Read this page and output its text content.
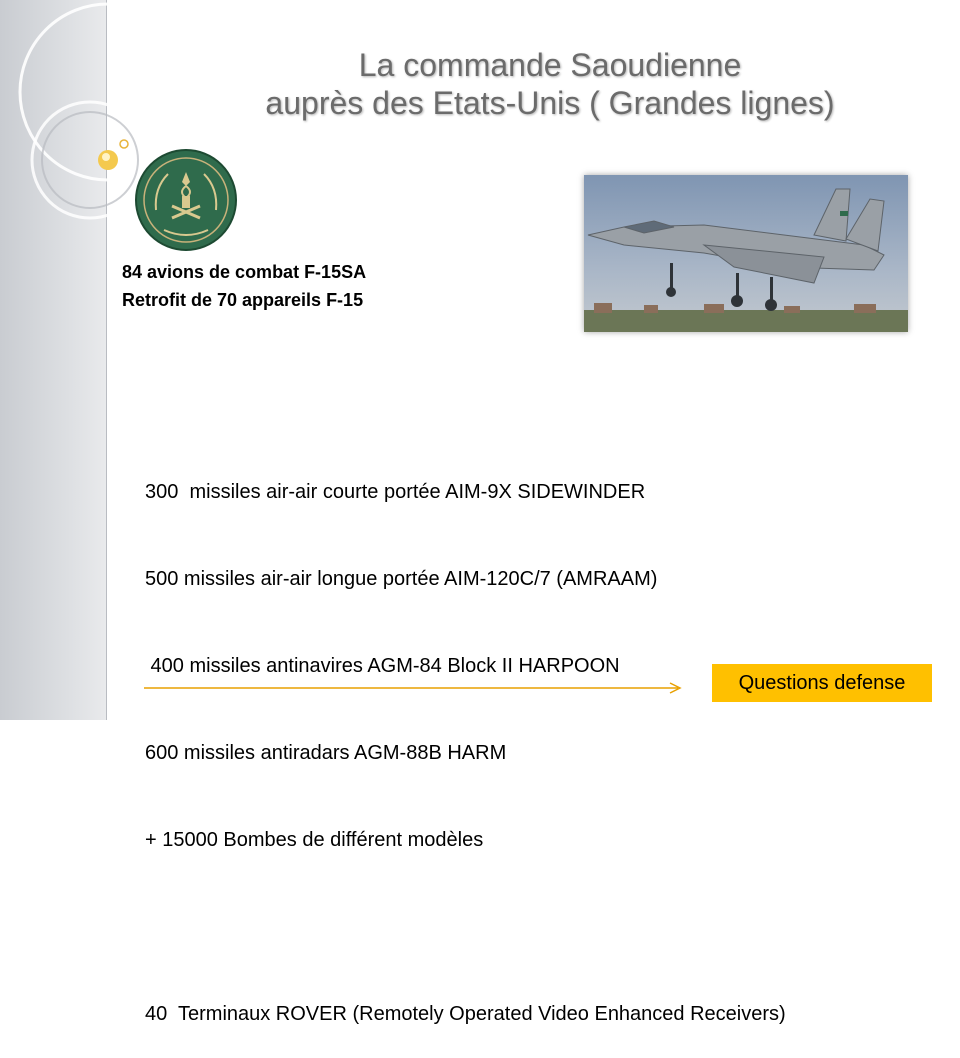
La commande Saoudienne
auprès des Etats-Unis ( Grandes lignes)
84 avions de combat F-15SA
Retrofit de 70 appareils F-15

300  missiles air-air courte portée AIM-9X SIDEWINDER

500 missiles air-air longue portée AIM-120C/7 (AMRAAM)

400 missiles antinavires AGM-84 Block II HARPOON

600 missiles antiradars AGM-88B HARM

+ 15000 Bombes de différent modèles

40  Terminaux ROVER (Remotely Operated Video Enhanced Receivers)

Questions defense
